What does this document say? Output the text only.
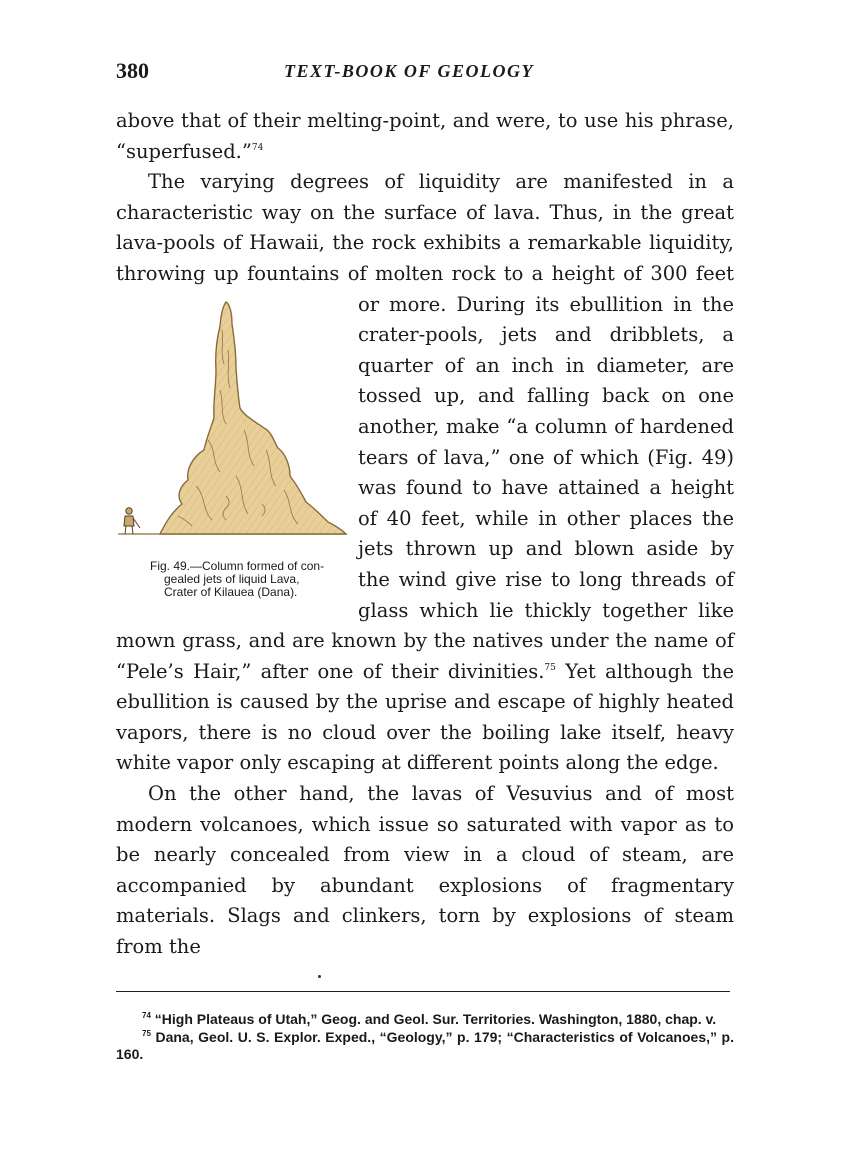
380	TEXT-BOOK OF GEOLOGY

above that of their melting-point, and were, to use his phrase, “superfused.”$^{74}$

The varying degrees of liquidity are manifested in a characteristic way on the surface of lava. Thus, in the great lava-pools of Hawaii, the rock exhibits a remarkable liquidity, throwing up fountains of molten rock to a height of 300 feet or more.
Fig. 49.—Column formed of con-
gealed jets of liquid Lava,
Crater of Kilauea (Dana).
During its ebullition in the crater-pools, jets and dribblets, a quarter of an inch in diameter, are tossed up, and falling back on one another, make “a column of hardened tears of lava,” one of which (Fig. 49) was found to have attained a height of 40 feet, while in other places the jets thrown up and blown aside by the wind give rise to long threads of glass which lie thickly together like mown grass, and are known by the natives under the name of “Pele’s Hair,” after one of their divinities.$^{75}$ Yet although the ebullition is caused by the uprise and escape of highly heated vapors, there is no cloud over the boiling lake itself, heavy white vapor only escaping at different points along the edge.

On the other hand, the lavas of Vesuvius and of most modern volcanoes, which issue so saturated with vapor as to be nearly concealed from view in a cloud of steam, are accompanied by abundant explosions of fragmentary materials. Slags and clinkers, torn by explosions of steam from the

$^{74}$ “High Plateaus of Utah,” Geog. and Geol. Sur. Territories. Washington, 1880, chap. v.

$^{75}$ Dana, Geol. U. S. Explor. Exped., “Geology,” p. 179; “Characteristics of Volcanoes,” p. 160.
